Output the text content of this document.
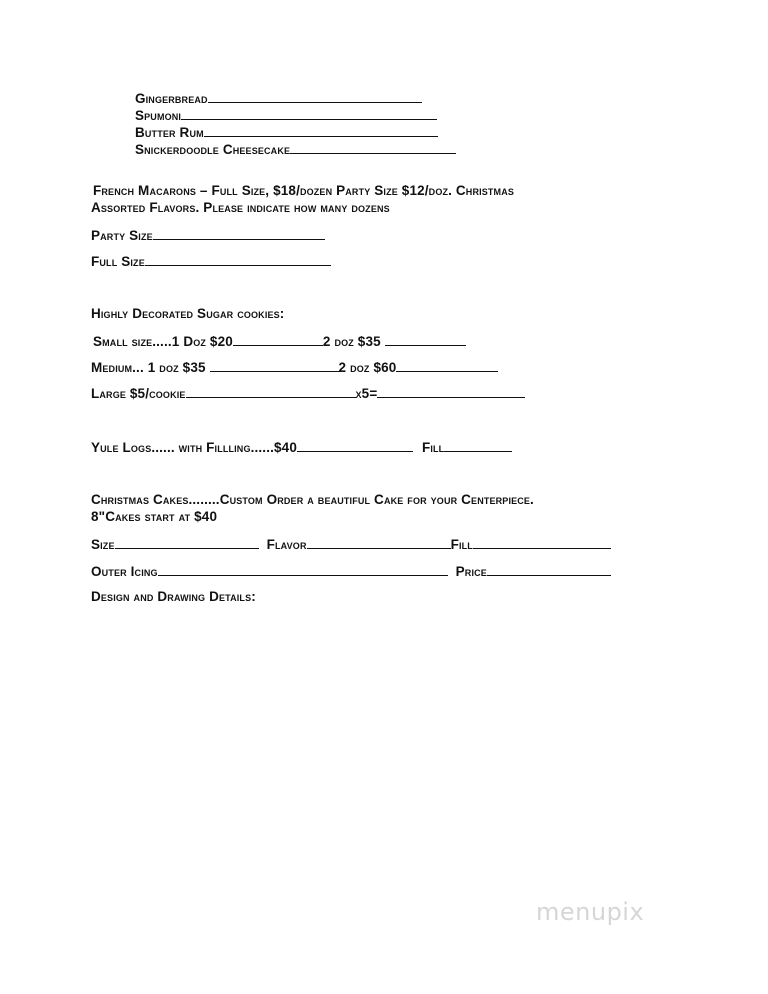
Gingerbread
Spumoni
Butter Rum
Snickerdoodle Cheesecake
French Macarons – Full Size, $18/dozen Party Size $12/doz. Christmas
Assorted Flavors. Please indicate how many dozens
Party Size
Full Size
Highly Decorated Sugar cookies:
Small size.....1 Doz $20	2 doz $35
Medium... 1 doz $35	2 doz $60
Large $5/cookie	x5=
Yule Logs...... with Fillling......$40	Fill
Christmas Cakes........Custom Order a beautiful Cake for your Centerpiece.
8"Cakes start at $40
Size	Flavor	Fill
Outer Icing	Price
Design and Drawing Details:
menupix
